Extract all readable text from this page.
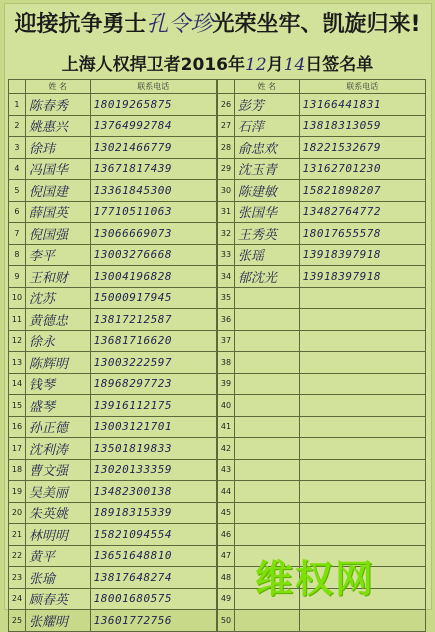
迎接抗争勇士孔令珍光荣坐牢、凯旋归来!
上海人权捍卫者2016年12月14日签名单
	姓 名	联系电话
1	陈春秀	18019265875

2	姚惠兴	13764992784

3	徐玮	13021466779

4	冯国华	13671817439

5	倪国建	13361845300

6	薛国英	17710511063

7	倪国强	13066669073

8	李平	13003276668

9	王和财	13004196828

10	沈苏	15000917945

11	黄德忠	13817212587

12	徐永	13681716620

13	陈辉明	13003222597

14	钱琴	18968297723

15	盛琴	13916112175

16	孙正德	13003121701

17	沈利涛	13501819833

18	曹文强	13020133359

19	吴美丽	13482300138

20	朱英姚	18918315339

21	林明明	15821094554

22	黄平	13651648810

23	张瑜	13817648274

24	顾春英	18001680575

25	张耀明	13601772756
	姓 名	联系电话
26	彭芳	13166441831

27	石萍	13818313059

28	俞忠欢	18221532679

29	沈玉青	13162701230

30	陈建敏	15821898207

31	张国华	13482764772

32	王秀英	18017655578

33	张瑶	13918397918

34	郁沈光	13918397918

35	

36	

37	

38	

39	

40	

41	

42	

43	

44	

45	

46	

47	

48	

49	

50	

维权网
